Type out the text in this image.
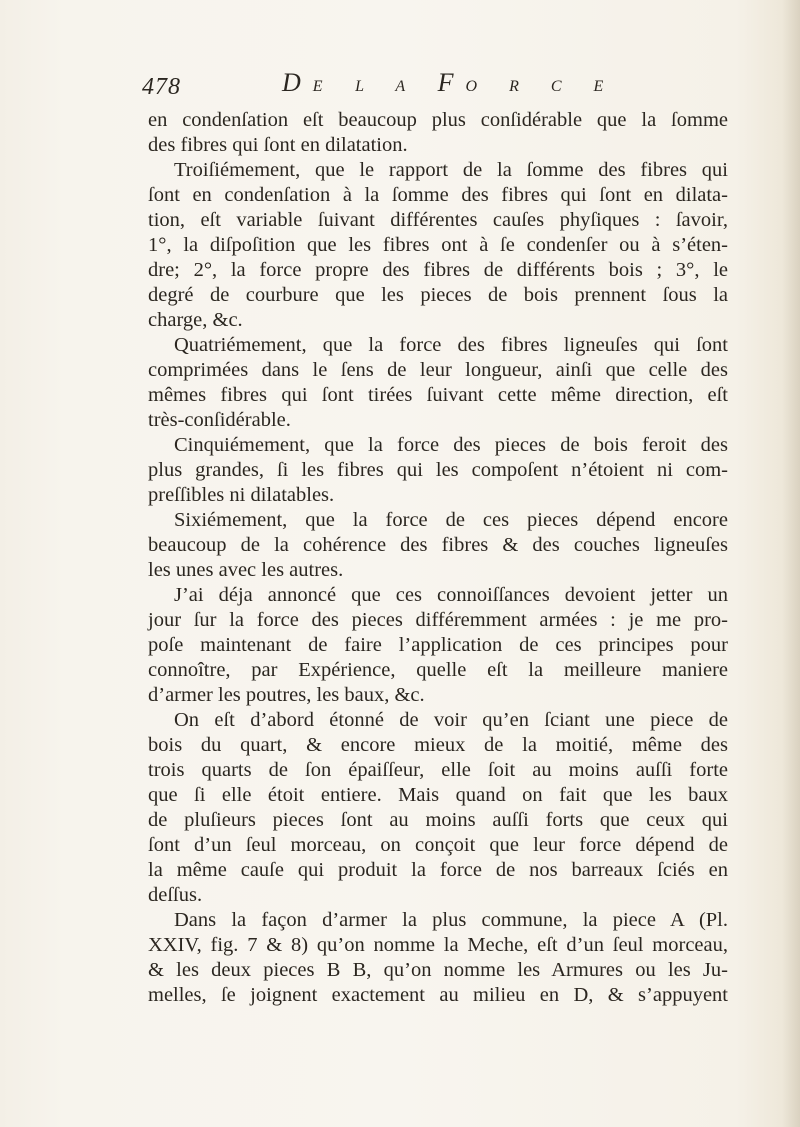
478	DE L A FO R C E
en condenſation eſt beaucoup plus conſidérable que la ſomme
des fibres qui ſont en dilatation.
Troiſiémement, que le rapport de la ſomme des fibres qui
ſont en condenſation à la ſomme des fibres qui ſont en dilata-
tion, eſt variable ſuivant différentes cauſes phyſiques : ſavoir,
1°, la diſpoſition que les fibres ont à ſe condenſer ou à s’éten-
dre; 2°, la force propre des fibres de différents bois ; 3°, le
degré de courbure que les pieces de bois prennent ſous la
charge, &c.
Quatriémement, que la force des fibres ligneuſes qui ſont
comprimées dans le ſens de leur longueur, ainſi que celle des
mêmes fibres qui ſont tirées ſuivant cette même direction, eſt
très-conſidérable.
Cinquiémement, que la force des pieces de bois feroit des
plus grandes, ſi les fibres qui les compoſent n’étoient ni com-
preſſibles ni dilatables.
Sixiémement, que la force de ces pieces dépend encore
beaucoup de la cohérence des fibres & des couches ligneuſes
les unes avec les autres.
J’ai déja annoncé que ces connoiſſances devoient jetter un
jour ſur la force des pieces différemment armées : je me pro-
poſe maintenant de faire l’application de ces principes pour
connoître, par Expérience, quelle eſt la meilleure maniere
d’armer les poutres, les baux, &c.
On eſt d’abord étonné de voir qu’en ſciant une piece de
bois du quart, & encore mieux de la moitié, même des
trois quarts de ſon épaiſſeur, elle ſoit au moins auſſi forte
que ſi elle étoit entiere. Mais quand on fait que les baux
de pluſieurs pieces ſont au moins auſſi forts que ceux qui
ſont d’un ſeul morceau, on conçoit que leur force dépend de
la même cauſe qui produit la force de nos barreaux ſciés en
deſſus.
Dans la façon d’armer la plus commune, la piece A (Pl.
XXIV, fig. 7 & 8) qu’on nomme la Meche, eſt d’un ſeul morceau,
& les deux pieces B B, qu’on nomme les Armures ou les Ju-
melles, ſe joignent exactement au milieu en D, & s’appuyent
